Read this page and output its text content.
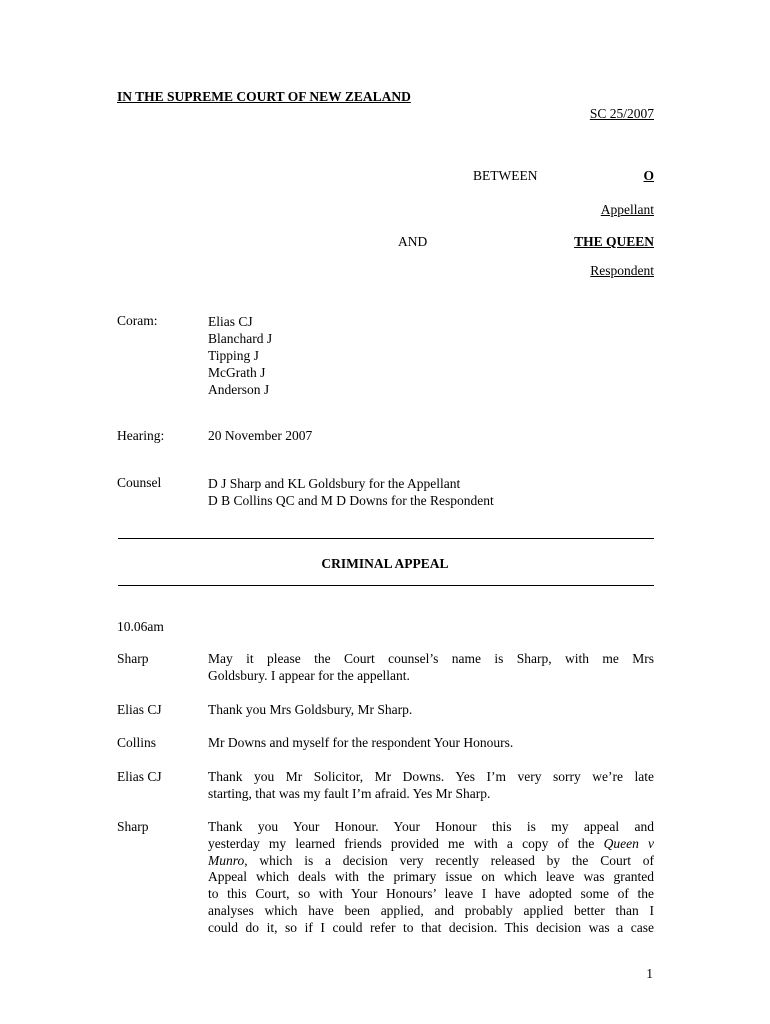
IN THE SUPREME COURT OF NEW ZEALAND
SC 25/2007
BETWEEN	O
Appellant
AND	THE QUEEN
Respondent
Coram:	Elias CJ
Blanchard J
Tipping J
McGrath J
Anderson J
Hearing:	20 November 2007
Counsel	D J Sharp and KL Goldsbury for the Appellant
D B Collins QC and M D Downs for the Respondent
CRIMINAL APPEAL
10.06am
Sharp	May it please the Court counsel’s name is Sharp, with me Mrs
Goldsbury. I appear for the appellant.
Elias CJ	Thank you Mrs Goldsbury, Mr Sharp.
Collins	Mr Downs and myself for the respondent Your Honours.
Elias CJ	Thank you Mr Solicitor, Mr Downs. Yes I’m very sorry we’re late
starting, that was my fault I’m afraid. Yes Mr Sharp.
Sharp	Thank you Your Honour. Your Honour this is my appeal and
yesterday my learned friends provided me with a copy of the Queen v
Munro, which is a decision very recently released by the Court of
Appeal which deals with the primary issue on which leave was granted
to this Court, so with Your Honours’ leave I have adopted some of the
analyses which have been applied, and probably applied better than I
could do it, so if I could refer to that decision. This decision was a case
1
